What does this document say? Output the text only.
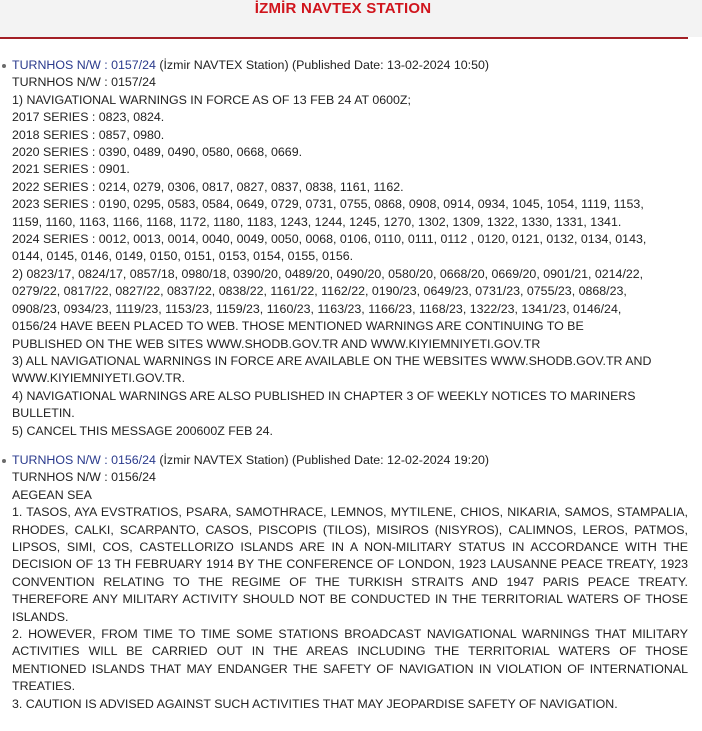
İZMİR NAVTEX STATION
TURNHOS N/W : 0157/24 (İzmir NAVTEX Station) (Published Date: 13-02-2024 10:50)
TURNHOS N/W : 0157/24
1) NAVIGATIONAL WARNINGS IN FORCE AS OF 13 FEB 24 AT 0600Z;
2017 SERIES : 0823, 0824.
2018 SERIES : 0857, 0980.
2020 SERIES : 0390, 0489, 0490, 0580, 0668, 0669.
2021 SERIES : 0901.
2022 SERIES : 0214, 0279, 0306, 0817, 0827, 0837, 0838, 1161, 1162.
2023 SERIES : 0190, 0295, 0583, 0584, 0649, 0729, 0731, 0755, 0868, 0908, 0914, 0934, 1045, 1054, 1119, 1153,
1159, 1160, 1163, 1166, 1168, 1172, 1180, 1183, 1243, 1244, 1245, 1270, 1302, 1309, 1322, 1330, 1331, 1341.
2024 SERIES : 0012, 0013, 0014, 0040, 0049, 0050, 0068, 0106, 0110, 0111, 0112 , 0120, 0121, 0132, 0134, 0143,
0144, 0145, 0146, 0149, 0150, 0151, 0153, 0154, 0155, 0156.
2) 0823/17, 0824/17, 0857/18, 0980/18, 0390/20, 0489/20, 0490/20, 0580/20, 0668/20, 0669/20, 0901/21, 0214/22,
0279/22, 0817/22, 0827/22, 0837/22, 0838/22, 1161/22, 1162/22, 0190/23, 0649/23, 0731/23, 0755/23, 0868/23,
0908/23, 0934/23, 1119/23, 1153/23, 1159/23, 1160/23, 1163/23, 1166/23, 1168/23, 1322/23, 1341/23, 0146/24,
0156/24 HAVE BEEN PLACED TO WEB. THOSE MENTIONED WARNINGS ARE CONTINUING TO BE
PUBLISHED ON THE WEB SITES WWW.SHODB.GOV.TR AND WWW.KIYIEMNIYETI.GOV.TR
3) ALL NAVIGATIONAL WARNINGS IN FORCE ARE AVAILABLE ON THE WEBSITES WWW.SHODB.GOV.TR AND
WWW.KIYIEMNIYETI.GOV.TR.
4) NAVIGATIONAL WARNINGS ARE ALSO PUBLISHED IN CHAPTER 3 OF WEEKLY NOTICES TO MARINERS
BULLETIN.
5) CANCEL THIS MESSAGE 200600Z FEB 24.
TURNHOS N/W : 0156/24 (İzmir NAVTEX Station) (Published Date: 12-02-2024 19:20)
TURNHOS N/W : 0156/24
AEGEAN SEA
1. TASOS, AYA EVSTRATIOS, PSARA, SAMOTHRACE, LEMNOS, MYTILENE, CHIOS, NIKARIA, SAMOS, STAMPALIA, RHODES, CALKI, SCARPANTO, CASOS, PISCOPIS (TILOS), MISIROS (NISYROS), CALIMNOS, LEROS, PATMOS, LIPSOS, SIMI, COS, CASTELLORIZO ISLANDS ARE IN A NON-MILITARY STATUS IN ACCORDANCE WITH THE DECISION OF 13 TH FEBRUARY 1914 BY THE CONFERENCE OF LONDON, 1923 LAUSANNE PEACE TREATY, 1923 CONVENTION RELATING TO THE REGIME OF THE TURKISH STRAITS AND 1947 PARIS PEACE TREATY. THEREFORE ANY MILITARY ACTIVITY SHOULD NOT BE CONDUCTED IN THE TERRITORIAL WATERS OF THOSE ISLANDS.
2. HOWEVER, FROM TIME TO TIME SOME STATIONS BROADCAST NAVIGATIONAL WARNINGS THAT MILITARY ACTIVITIES WILL BE CARRIED OUT IN THE AREAS INCLUDING THE TERRITORIAL WATERS OF THOSE MENTIONED ISLANDS THAT MAY ENDANGER THE SAFETY OF NAVIGATION IN VIOLATION OF INTERNATIONAL TREATIES.
3. CAUTION IS ADVISED AGAINST SUCH ACTIVITIES THAT MAY JEOPARDISE SAFETY OF NAVIGATION.
